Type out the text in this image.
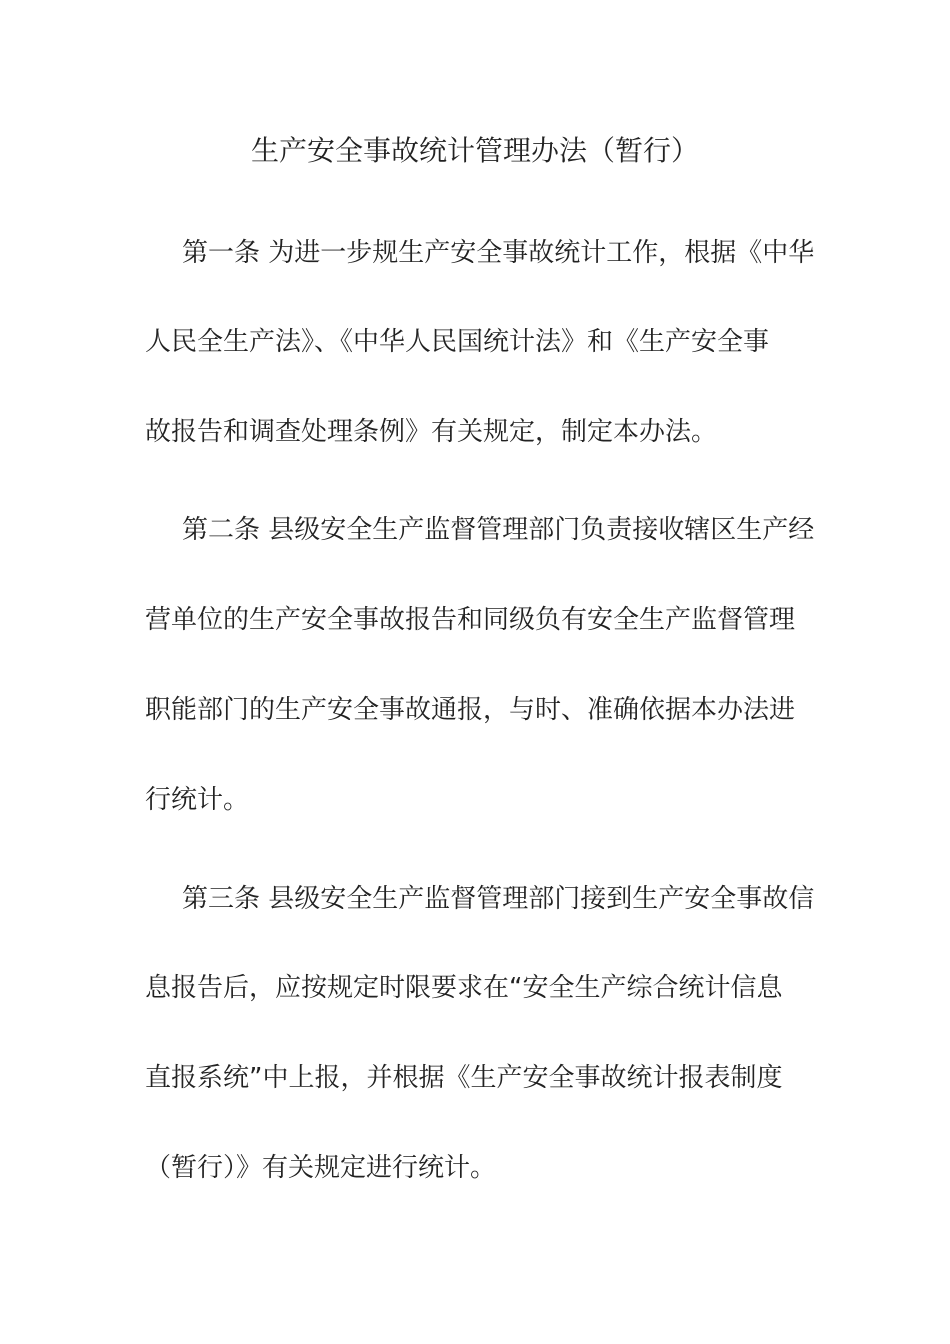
生产安全事故统计管理办法（暂行）
第一条 为进一步规生产安全事故统计工作，根据《中华
人民全生产法》、《中华人民国统计法》和《生产安全事
故报告和调查处理条例》有关规定，制定本办法。
第二条 县级安全生产监督管理部门负责接收辖区生产经
营单位的生产安全事故报告和同级负有安全生产监督管理
职能部门的生产安全事故通报，与时、准确依据本办法进
行统计。
第三条 县级安全生产监督管理部门接到生产安全事故信
息报告后，应按规定时限要求在“安全生产综合统计信息
直报系统”中上报，并根据《生产安全事故统计报表制度
（暂行）》有关规定进行统计。
